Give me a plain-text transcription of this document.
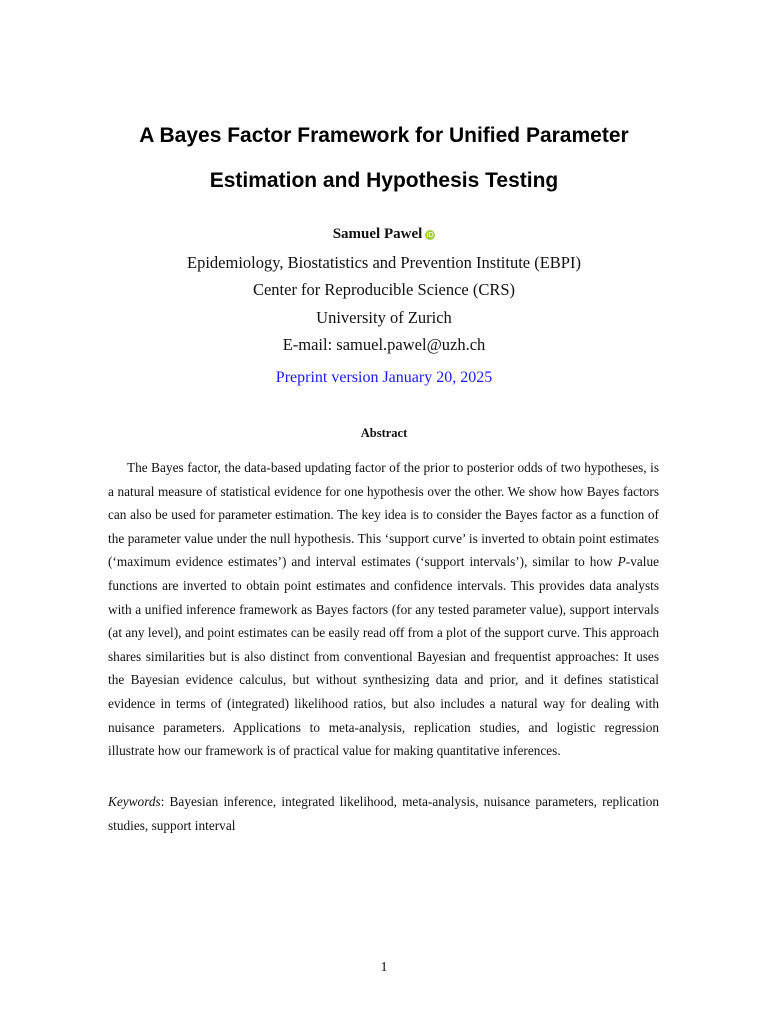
A Bayes Factor Framework for Unified Parameter
Estimation and Hypothesis Testing
Samuel Pawel iD
Epidemiology, Biostatistics and Prevention Institute (EBPI)
Center for Reproducible Science (CRS)
University of Zurich
E-mail: samuel.pawel@uzh.ch
Preprint version January 20, 2025
Abstract

The Bayes factor, the data-based updating factor of the prior to posterior odds of two hypotheses, is a natural measure of statistical evidence for one hypothesis over the other. We show how Bayes factors can also be used for parameter estimation. The key idea is to consider the Bayes factor as a function of the parameter value under the null hypothesis. This ‘support curve’ is inverted to obtain point estimates (‘maximum evidence estimates’) and interval estimates (‘support intervals’), similar to how P-value functions are inverted to obtain point estimates and confidence intervals. This provides data analysts with a unified inference framework as Bayes factors (for any tested parameter value), support intervals (at any level), and point estimates can be easily read off from a plot of the support curve. This approach shares similarities but is also distinct from conventional Bayesian and frequentist approaches: It uses the Bayesian evidence calculus, but without synthesizing data and prior, and it defines statistical evidence in terms of (integrated) likelihood ratios, but also includes a natural way for dealing with nuisance parameters. Applications to meta-analysis, replication studies, and logistic regression illustrate how our framework is of practical value for making quantitative inferences.

Keywords: Bayesian inference, integrated likelihood, meta-analysis, nuisance parameters, replication studies, support interval

1
